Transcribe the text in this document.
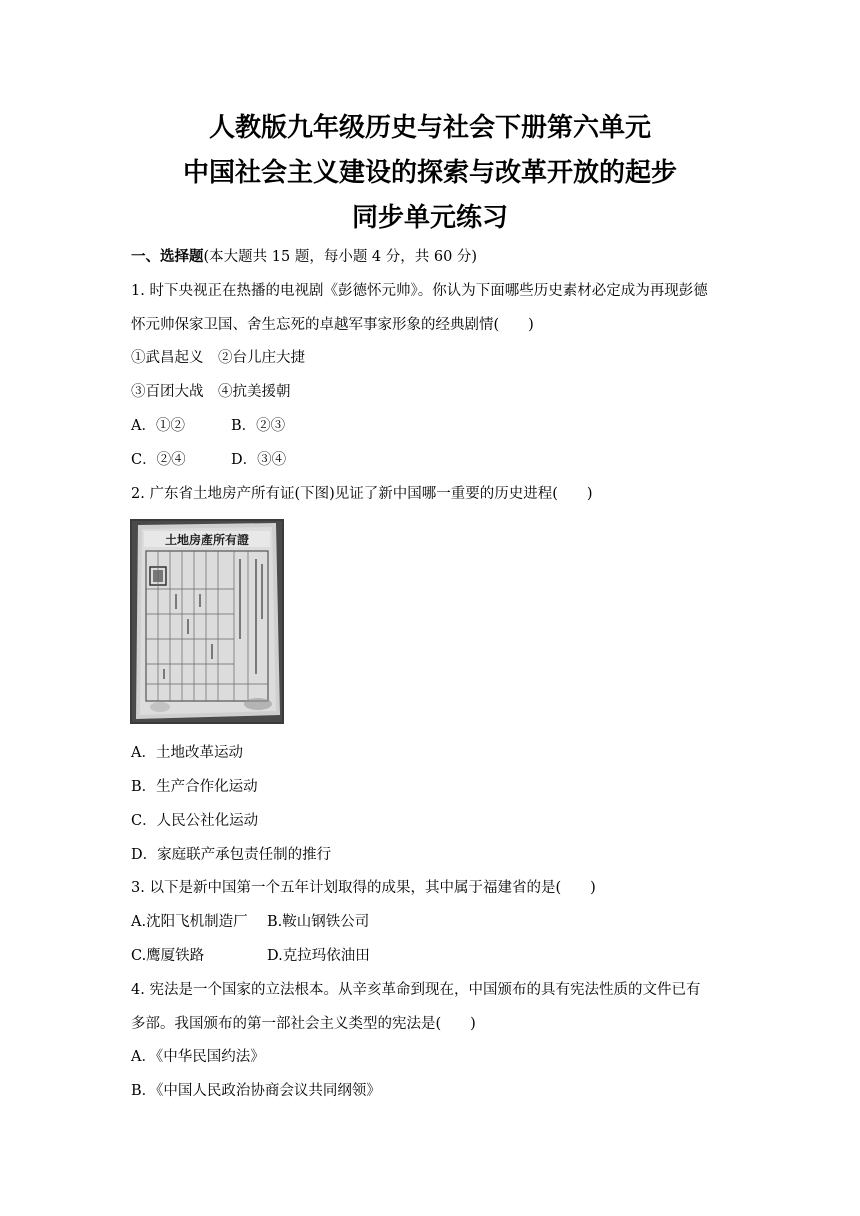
人教版九年级历史与社会下册第六单元
中国社会主义建设的探索与改革开放的起步
同步单元练习
一、选择题(本大题共 15 题，每小题 4 分，共 60 分)
1. 时下央视正在热播的电视剧《彭德怀元帅》。你认为下面哪些历史素材必定成为再现彭德
怀元帅保家卫国、舍生忘死的卓越军事家形象的经典剧情(　　)
①武昌起义　②台儿庄大捷
③百团大战　④抗美援朝
A．①②	B．②③
C．②④	D．③④
2. 广东省土地房产所有证(下图)见证了新中国哪一重要的历史进程(　　)
土地房產所有證
A．土地改革运动
B．生产合作化运动
C．人民公社化运动
D．家庭联产承包责任制的推行
3. 以下是新中国第一个五年计划取得的成果，其中属于福建省的是(　　)
A.沈阳飞机制造厂 B.鞍山钢铁公司
C.鹰厦铁路	D.克拉玛依油田
4. 宪法是一个国家的立法根本。从辛亥革命到现在，中国颁布的具有宪法性质的文件已有
多部。我国颁布的第一部社会主义类型的宪法是(　　)
A．《中华民国约法》
B．《中国人民政治协商会议共同纲领》
